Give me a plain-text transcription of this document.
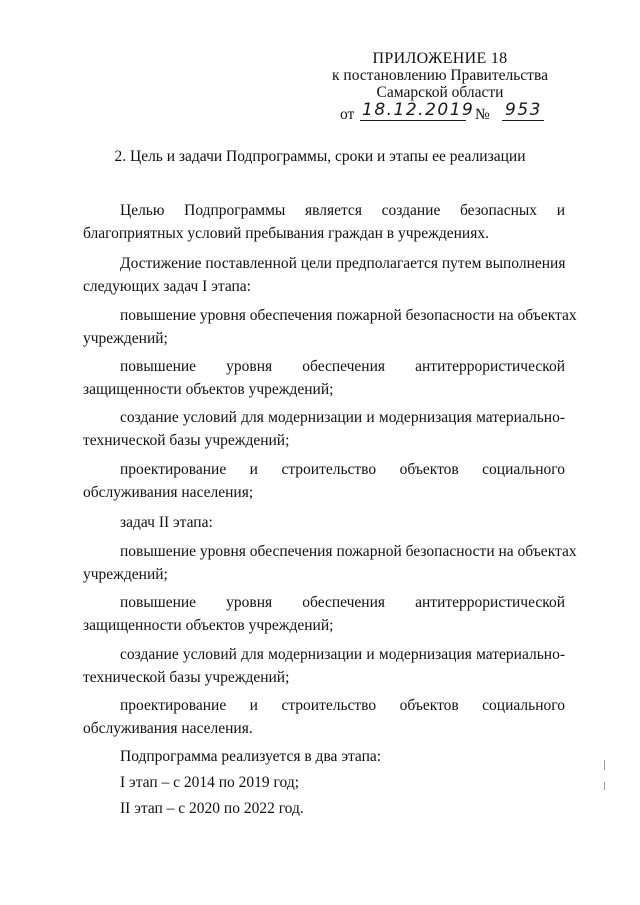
ПРИЛОЖЕНИЕ 18
к постановлению Правительства
Самарской области
от 18.12.2019 № 953
2. Цель и задачи Подпрограммы, сроки и этапы ее реализации
Целью Подпрограммы является создание безопасных и
благоприятных условий пребывания граждан в учреждениях.
Достижение поставленной цели предполагается путем выполнения
следующих задач I этапа:
повышение уровня обеспечения пожарной безопасности на объектах
учреждений;
повышение уровня обеспечения антитеррористической
защищенности объектов учреждений;
создание условий для модернизации и модернизация материально-
технической базы учреждений;
проектирование и строительство объектов социального
обслуживания населения;
задач II этапа:
повышение уровня обеспечения пожарной безопасности на объектах
учреждений;
повышение уровня обеспечения антитеррористической
защищенности объектов учреждений;
создание условий для модернизации и модернизация материально-
технической базы учреждений;
проектирование и строительство объектов социального
обслуживания населения.
Подпрограмма реализуется в два этапа:
I этап – с 2014 по 2019 год;
II этап – с 2020 по 2022 год.
